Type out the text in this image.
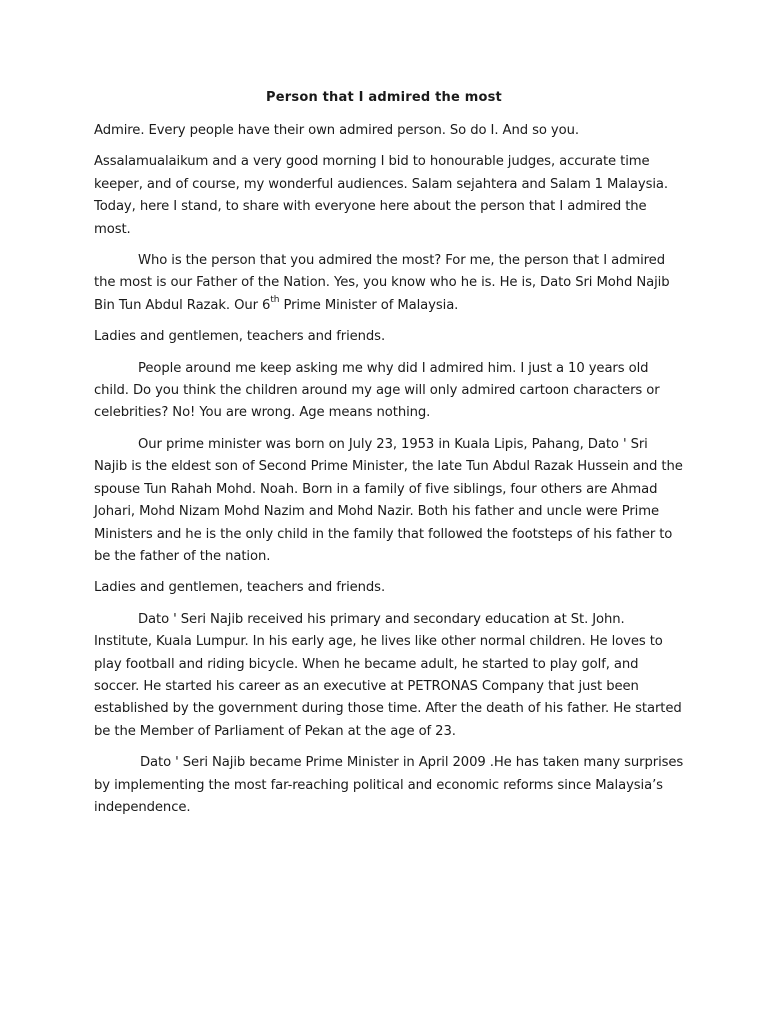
Person that I admired the most

Admire. Every people have their own admired person. So do I. And so you.

Assalamualaikum and a very good morning I bid to honourable judges, accurate time keeper, and of course, my wonderful audiences. Salam sejahtera and Salam 1 Malaysia. Today, here I stand, to share with everyone here about the person that I admired the most.

Who is the person that you admired the most? For me, the person that I admired the most is our Father of the Nation. Yes, you know who he is. He is, Dato Sri Mohd Najib Bin Tun Abdul Razak. Our 6th Prime Minister of Malaysia.

Ladies and gentlemen, teachers and friends.

People around me keep asking me why did I admired him. I just a 10 years old child. Do you think the children around my age will only admired cartoon characters or celebrities? No! You are wrong. Age means nothing.

Our prime minister was born on July 23, 1953 in Kuala Lipis, Pahang, Dato ' Sri Najib is the eldest son of Second Prime Minister, the late Tun Abdul Razak Hussein and the spouse Tun Rahah Mohd. Noah. Born in a family of five siblings, four others are Ahmad Johari, Mohd Nizam Mohd Nazim and Mohd Nazir. Both his father and uncle were Prime Ministers and he is the only child in the family that followed the footsteps of his father to be the father of the nation.

Ladies and gentlemen, teachers and friends.

Dato ' Seri Najib received his primary and secondary education at St. John. Institute, Kuala Lumpur. In his early age, he lives like other normal children. He loves to play football and riding bicycle. When he became adult, he started to play golf, and soccer. He started his career as an executive at PETRONAS Company that just been established by the government during those time. After the death of his father. He started be the Member of Parliament of Pekan at the age of 23.

Dato ' Seri Najib became Prime Minister in April 2009 .He has taken many surprises by implementing the most far-reaching political and economic reforms since Malaysia’s independence.
